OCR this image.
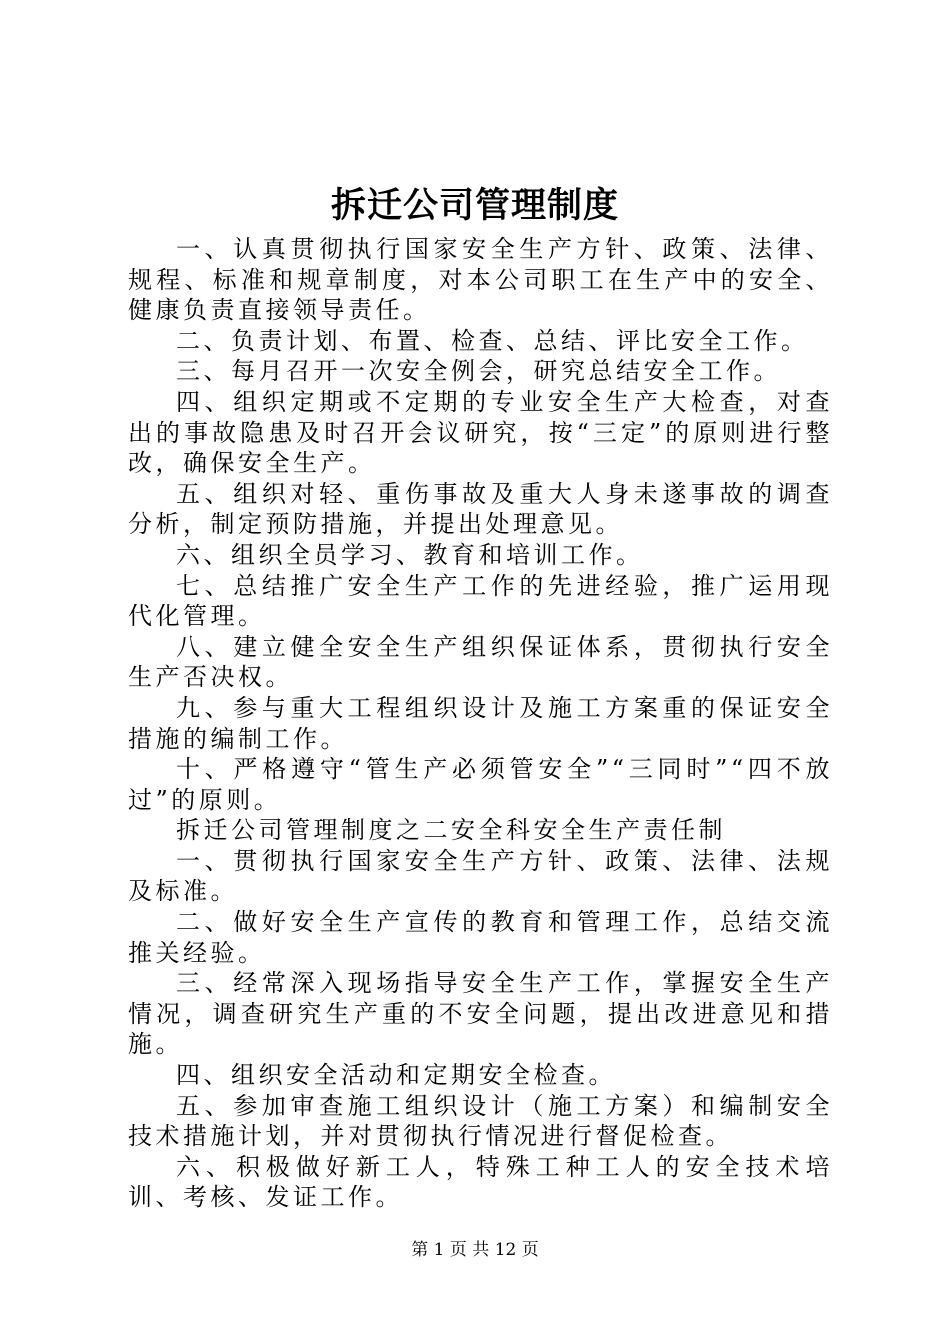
拆迁公司管理制度

一、认真贯彻执行国家安全生产方针、政策、法律、规程、标准和规章制度，对本公司职工在生产中的安全、健康负责直接领导责任。

二、负责计划、布置、检查、总结、评比安全工作。

三、每月召开一次安全例会，研究总结安全工作。

四、组织定期或不定期的专业安全生产大检查，对查出的事故隐患及时召开会议研究，按“三定”的原则进行整改，确保安全生产。

五、组织对轻、重伤事故及重大人身未遂事故的调查分析，制定预防措施，并提出处理意见。

六、组织全员学习、教育和培训工作。

七、总结推广安全生产工作的先进经验，推广运用现代化管理。

八、建立健全安全生产组织保证体系，贯彻执行安全生产否决权。

九、参与重大工程组织设计及施工方案重的保证安全措施的编制工作。

十、严格遵守“管生产必须管安全”“三同时”“四不放过”的原则。

拆迁公司管理制度之二安全科安全生产责任制

一、贯彻执行国家安全生产方针、政策、法律、法规及标准。

二、做好安全生产宣传的教育和管理工作，总结交流推关经验。

三、经常深入现场指导安全生产工作，掌握安全生产情况，调查研究生产重的不安全问题，提出改进意见和措施。

四、组织安全活动和定期安全检查。

五、参加审查施工组织设计（施工方案）和编制安全技术措施计划，并对贯彻执行情况进行督促检查。

六、积极做好新工人，特殊工种工人的安全技术培训、考核、发证工作。

第 1 页 共 12 页
